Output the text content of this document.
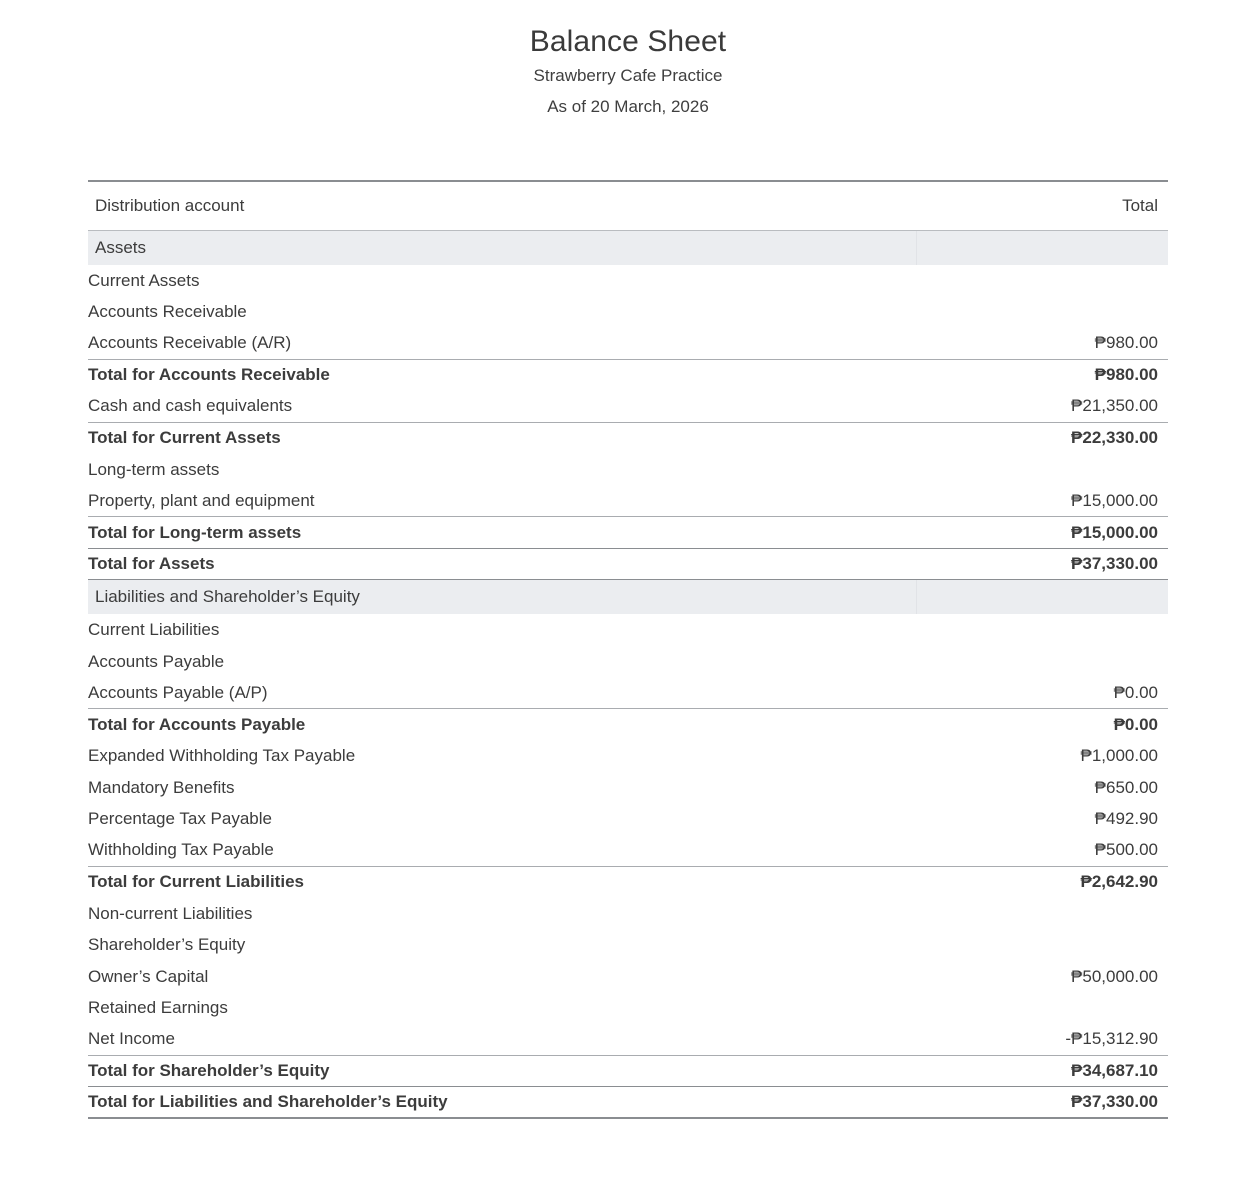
Balance Sheet
Strawberry Cafe Practice
As of 20 March, 2026
Distribution account	Total
Assets	
Current Assets	
Accounts Receivable	
Accounts Receivable (A/R)	₱980.00
Total for Accounts Receivable	₱980.00
Cash and cash equivalents	₱21,350.00
Total for Current Assets	₱22,330.00
Long-term assets	
Property, plant and equipment	₱15,000.00
Total for Long-term assets	₱15,000.00
Total for Assets	₱37,330.00
Liabilities and Shareholder’s Equity	
Current Liabilities	
Accounts Payable	
Accounts Payable (A/P)	₱0.00
Total for Accounts Payable	₱0.00
Expanded Withholding Tax Payable	₱1,000.00
Mandatory Benefits	₱650.00
Percentage Tax Payable	₱492.90
Withholding Tax Payable	₱500.00
Total for Current Liabilities	₱2,642.90
Non-current Liabilities	
Shareholder’s Equity	
Owner’s Capital	₱50,000.00
Retained Earnings	
Net Income	-₱15,312.90
Total for Shareholder’s Equity	₱34,687.10
Total for Liabilities and Shareholder’s Equity	₱37,330.00
